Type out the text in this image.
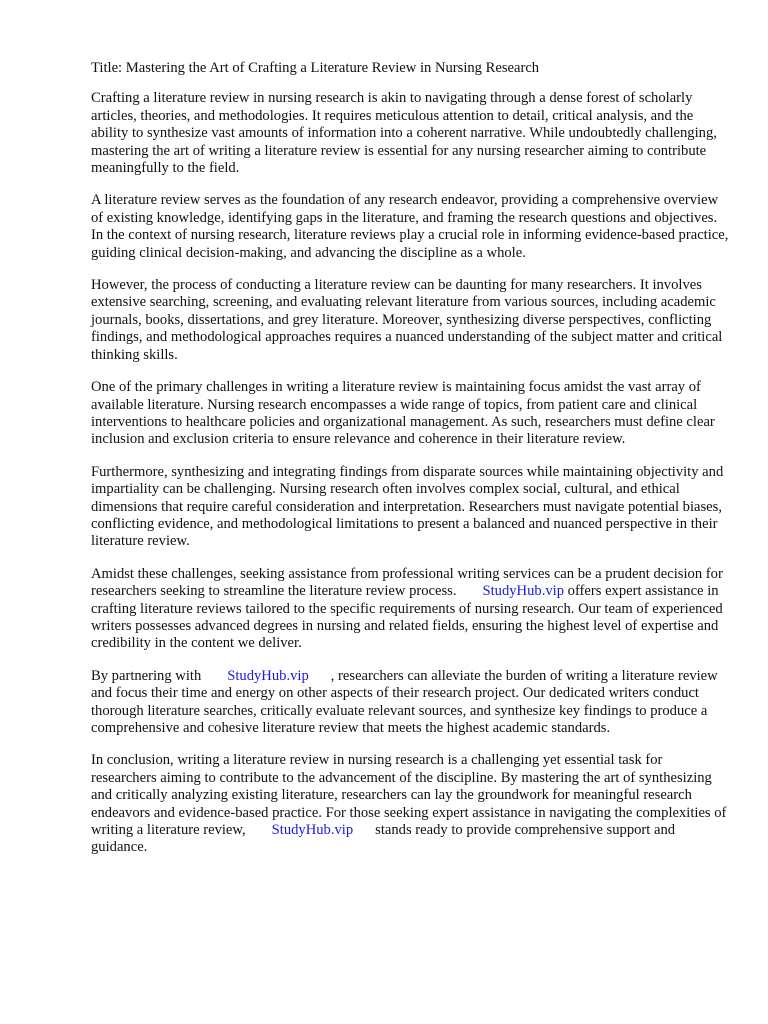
Title: Mastering the Art of Crafting a Literature Review in Nursing Research

Crafting a literature review in nursing research is akin to navigating through a dense forest of scholarly articles, theories, and methodologies. It requires meticulous attention to detail, critical analysis, and the ability to synthesize vast amounts of information into a coherent narrative. While undoubtedly challenging, mastering the art of writing a literature review is essential for any nursing researcher aiming to contribute meaningfully to the field.

A literature review serves as the foundation of any research endeavor, providing a comprehensive overview of existing knowledge, identifying gaps in the literature, and framing the research questions and objectives. In the context of nursing research, literature reviews play a crucial role in informing evidence-based practice, guiding clinical decision-making, and advancing the discipline as a whole.

However, the process of conducting a literature review can be daunting for many researchers. It involves extensive searching, screening, and evaluating relevant literature from various sources, including academic journals, books, dissertations, and grey literature. Moreover, synthesizing diverse perspectives, conflicting findings, and methodological approaches requires a nuanced understanding of the subject matter and critical thinking skills.

One of the primary challenges in writing a literature review is maintaining focus amidst the vast array of available literature. Nursing research encompasses a wide range of topics, from patient care and clinical interventions to healthcare policies and organizational management. As such, researchers must define clear inclusion and exclusion criteria to ensure relevance and coherence in their literature review.

Furthermore, synthesizing and integrating findings from disparate sources while maintaining objectivity and impartiality can be challenging. Nursing research often involves complex social, cultural, and ethical dimensions that require careful consideration and interpretation. Researchers must navigate potential biases, conflicting evidence, and methodological limitations to present a balanced and nuanced perspective in their literature review.

Amidst these challenges, seeking assistance from professional writing services can be a prudent decision for researchers seeking to streamline the literature review process. StudyHub.vip offers expert assistance in crafting literature reviews tailored to the specific requirements of nursing research. Our team of experienced writers possesses advanced degrees in nursing and related fields, ensuring the highest level of expertise and credibility in the content we deliver.

By partnering with StudyHub.vip , researchers can alleviate the burden of writing a literature review and focus their time and energy on other aspects of their research project. Our dedicated writers conduct thorough literature searches, critically evaluate relevant sources, and synthesize key findings to produce a comprehensive and cohesive literature review that meets the highest academic standards.

In conclusion, writing a literature review in nursing research is a challenging yet essential task for researchers aiming to contribute to the advancement of the discipline. By mastering the art of synthesizing and critically analyzing existing literature, researchers can lay the groundwork for meaningful research endeavors and evidence-based practice. For those seeking expert assistance in navigating the complexities of writing a literature review, StudyHub.vip stands ready to provide comprehensive support and guidance.
